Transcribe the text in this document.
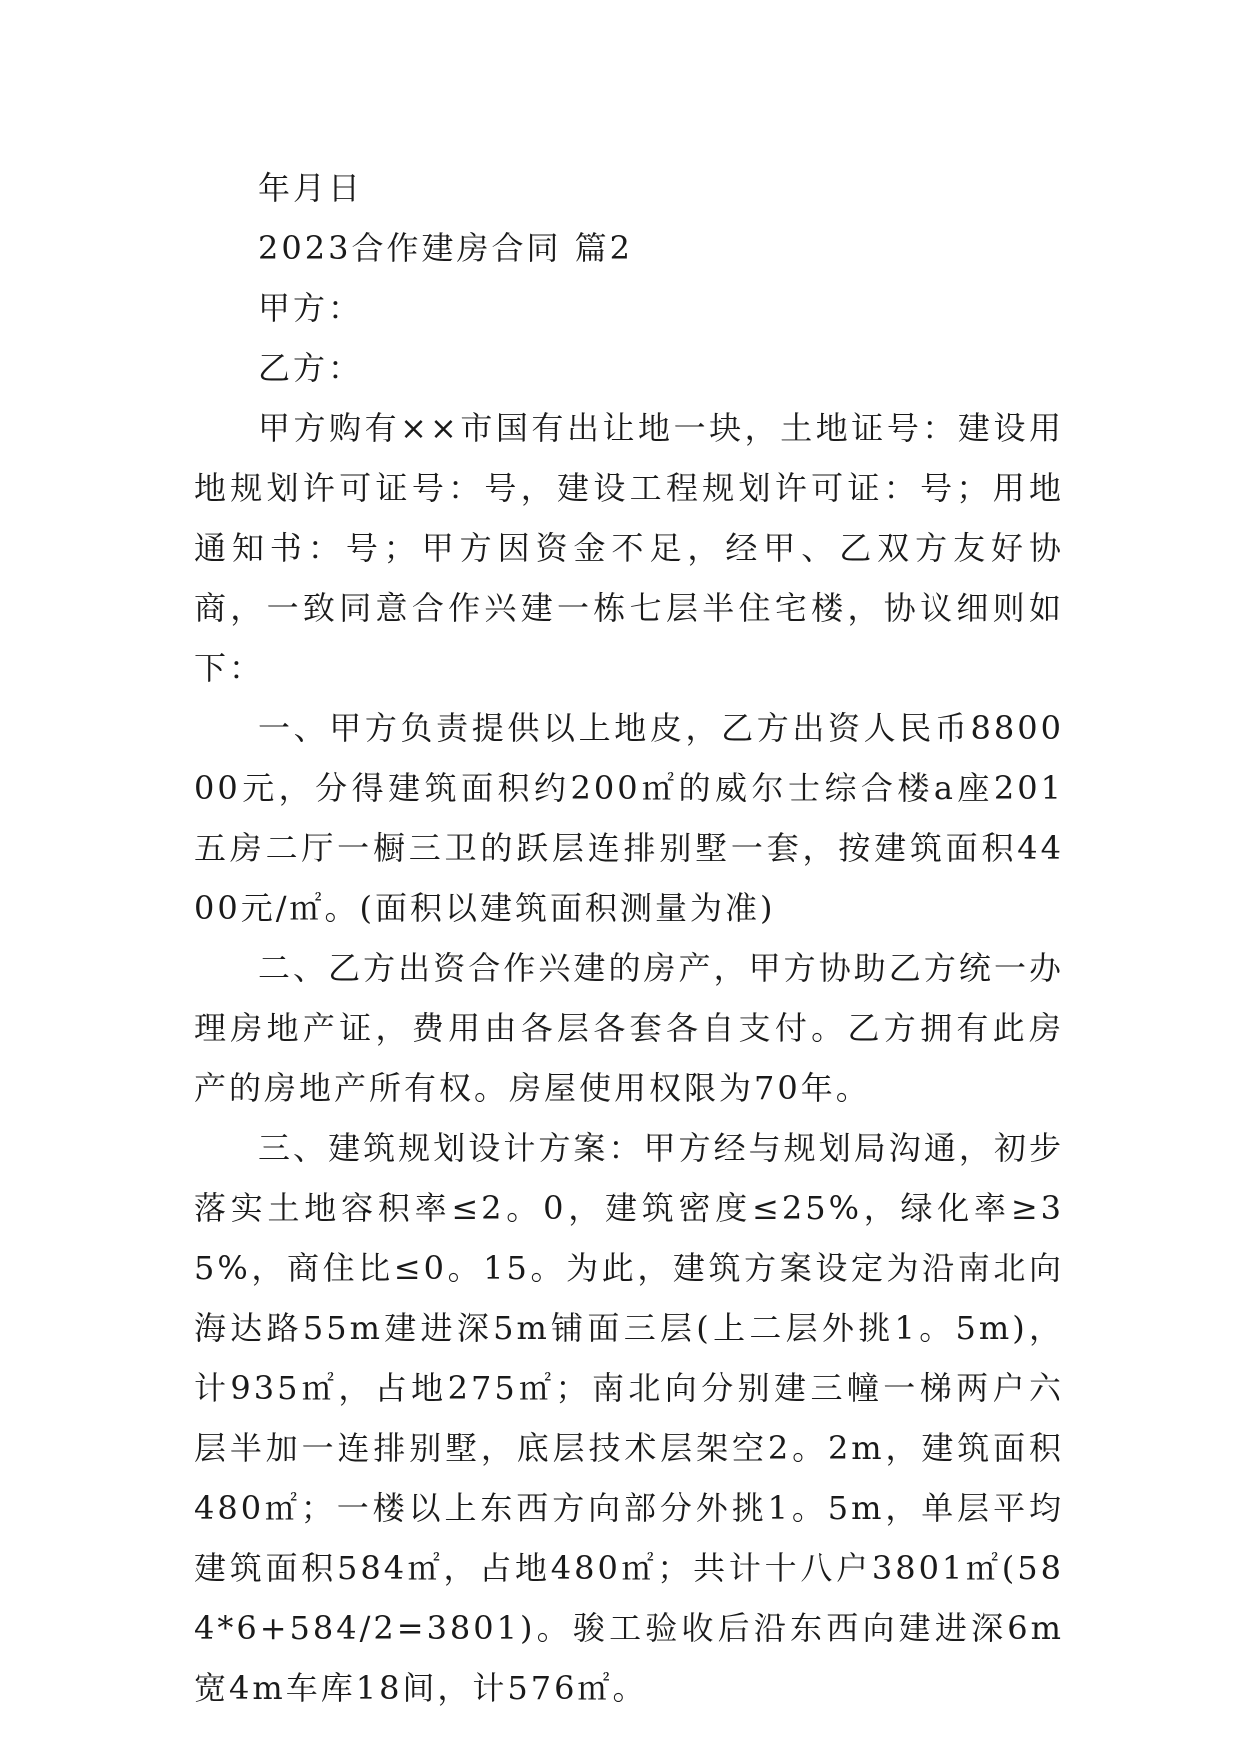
年月日

2023合作建房合同 篇2

甲方：

乙方：

甲方购有××市国有出让地一块，土地证号：建设用地规划许可证号：号，建设工程规划许可证：号；用地通知书：号；甲方因资金不足，经甲、乙双方友好协商，一致同意合作兴建一栋七层半住宅楼，协议细则如下：

一、甲方负责提供以上地皮，乙方出资人民币880000元，分得建筑面积约200㎡的威尔士综合楼a座201五房二厅一橱三卫的跃层连排别墅一套，按建筑面积4400元/㎡。(面积以建筑面积测量为准)

二、乙方出资合作兴建的房产，甲方协助乙方统一办理房地产证，费用由各层各套各自支付。乙方拥有此房产的房地产所有权。房屋使用权限为70年。

三、建筑规划设计方案：甲方经与规划局沟通，初步落实土地容积率≤2。0，建筑密度≤25%，绿化率≥35%，商住比≤0。15。为此，建筑方案设定为沿南北向海达路55m建进深5m铺面三层(上二层外挑1。5m)，计935㎡，占地275㎡；南北向分别建三幢一梯两户六层半加一连排别墅，底层技术层架空2。2m，建筑面积480㎡；一楼以上东西方向部分外挑1。5m，单层平均建筑面积584㎡，占地480㎡；共计十八户3801㎡(584*6+584/2=3801)。骏工验收后沿东西向建进深6m宽4m车库18间，计576㎡。
